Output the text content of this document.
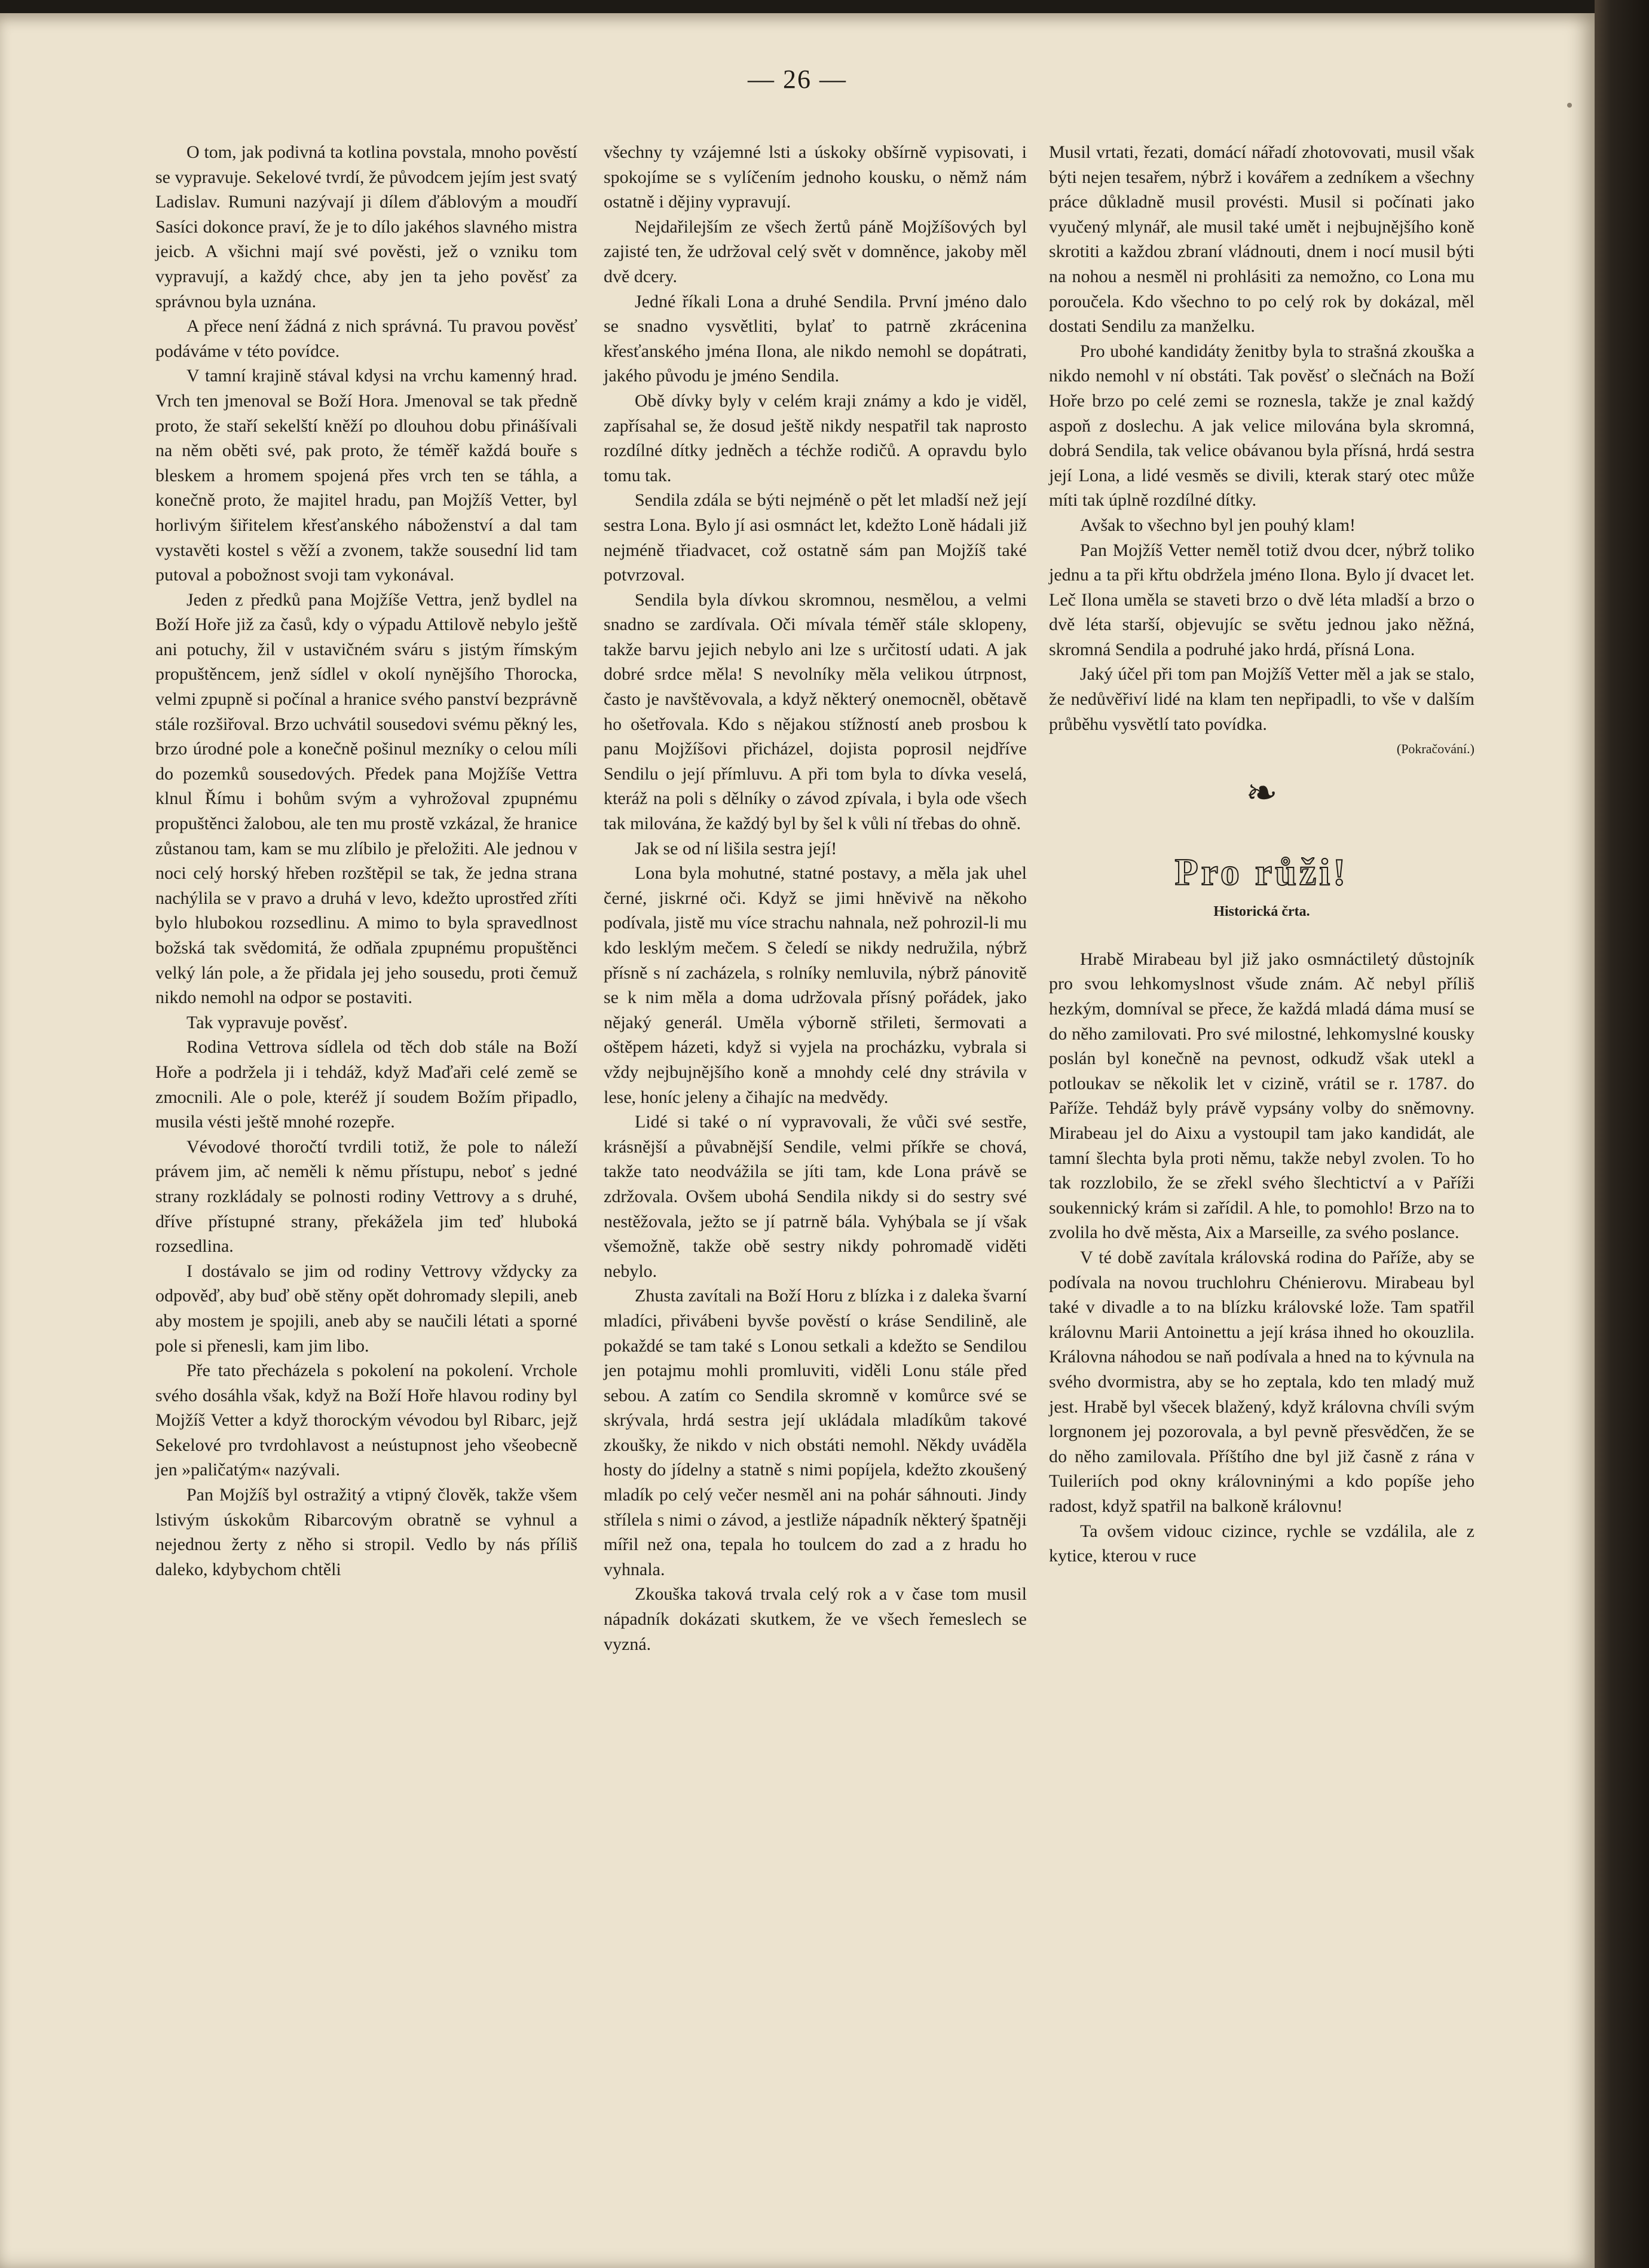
— 26 —

O tom, jak podivná ta kotlina povstala, mnoho pověstí se vypravuje. Sekelové tvrdí, že původcem jejím jest svatý Ladislav. Rumuni nazývají ji dílem ďáblovým a moudří Sasíci dokonce praví, že je to dílo jakéhos slavného mistra jeicb. A všichni mají své pověsti, jež o vzniku tom vypravují, a každý chce, aby jen ta jeho pověsť za správnou byla uznána.

A přece není žádná z nich správná. Tu pravou pověsť podáváme v této povídce.

V tamní krajině stával kdysi na vrchu kamenný hrad. Vrch ten jmenoval se Boží Hora. Jmenoval se tak předně proto, že staří sekelští kněží po dlouhou dobu přinášívali na něm oběti své, pak proto, že téměř každá bouře s bleskem a hromem spojená přes vrch ten se táhla, a konečně proto, že majitel hradu, pan Mojžíš Vetter, byl horlivým šiřitelem křesťanského náboženství a dal tam vystavěti kostel s věží a zvonem, takže sousední lid tam putoval a pobožnost svoji tam vykonával.

Jeden z předků pana Mojžíše Vettra, jenž bydlel na Boží Hoře již za časů, kdy o výpadu Attilově nebylo ještě ani potuchy, žil v ustavičném sváru s jistým římským propuštěncem, jenž sídlel v okolí nynějšího Thorocka, velmi zpupně si počínal a hranice svého panství bezprávně stále rozšiřoval. Brzo uchvátil sousedovi svému pěkný les, brzo úrodné pole a konečně pošinul mezníky o celou míli do pozemků sousedových. Předek pana Mojžíše Vettra klnul Římu i bohům svým a vyhrožoval zpupnému propuštěnci žalobou, ale ten mu prostě vzkázal, že hranice zůstanou tam, kam se mu zlíbilo je přeložiti. Ale jednou v noci celý horský hřeben rozštěpil se tak, že jedna strana nachýlila se v pravo a druhá v levo, kdežto uprostřed zříti bylo hlubokou rozsedlinu. A mimo to byla spravedlnost božská tak svědomitá, že odňala zpupnému propuštěnci velký lán pole, a že přidala jej jeho sousedu, proti čemuž nikdo nemohl na odpor se postaviti.

Tak vypravuje pověsť.

Rodina Vettrova sídlela od těch dob stále na Boží Hoře a podržela ji i tehdáž, když Maďaři celé země se zmocnili. Ale o pole, kteréž jí soudem Božím připadlo, musila vésti ještě mnohé rozepře.

Vévodové thoročtí tvrdili totiž, že pole to náleží právem jim, ač neměli k němu přístupu, neboť s jedné strany rozkládaly se polnosti rodiny Vettrovy a s druhé, dříve přístupné strany, překážela jim teď hluboká rozsedlina.

I dostávalo se jim od rodiny Vettrovy vždycky za odpověď, aby buď obě stěny opět dohromady slepili, aneb aby mostem je spojili, aneb aby se naučili létati a sporné pole si přenesli, kam jim libo.

Pře tato přecházela s pokolení na pokolení. Vrchole svého dosáhla však, když na Boží Hoře hlavou rodiny byl Mojžíš Vetter a když thorockým vévodou byl Ribarc, jejž Sekelové pro tvrdohlavost a neústupnost jeho všeobecně jen »paličatým« nazývali.

Pan Mojžíš byl ostražitý a vtipný člověk, takže všem lstivým úskokům Ribarcovým obratně se vyhnul a nejednou žerty z něho si stropil. Vedlo by nás příliš daleko, kdybychom chtěli

všechny ty vzájemné lsti a úskoky obšírně vypisovati, i spokojíme se s vylíčením jednoho kousku, o němž nám ostatně i dějiny vypravují.

Nejdařilejším ze všech žertů páně Mojžíšových byl zajisté ten, že udržoval celý svět v domněnce, jakoby měl dvě dcery.

Jedné říkali Lona a druhé Sendila. První jméno dalo se snadno vysvětliti, bylať to patrně zkrácenina křesťanského jména Ilona, ale nikdo nemohl se dopátrati, jakého původu je jméno Sendila.

Obě dívky byly v celém kraji známy a kdo je viděl, zapřísahal se, že dosud ještě nikdy nespatřil tak naprosto rozdílné dítky jedněch a téchže rodičů. A opravdu bylo tomu tak.

Sendila zdála se býti nejméně o pět let mladší než její sestra Lona. Bylo jí asi osmnáct let, kdežto Loně hádali již nejméně třiadvacet, což ostatně sám pan Mojžíš také potvrzoval.

Sendila byla dívkou skromnou, nesmělou, a velmi snadno se zardívala. Oči mívala téměř stále sklopeny, takže barvu jejich nebylo ani lze s určitostí udati. A jak dobré srdce měla! S nevolníky měla velikou útrpnost, často je navštěvovala, a když některý onemocněl, obětavě ho ošetřovala. Kdo s nějakou stížností aneb prosbou k panu Mojžíšovi přicházel, dojista poprosil nejdříve Sendilu o její přímluvu. A při tom byla to dívka veselá, kteráž na poli s dělníky o závod zpívala, i byla ode všech tak milována, že každý byl by šel k vůli ní třebas do ohně.

Jak se od ní lišila sestra její!

Lona byla mohutné, statné postavy, a měla jak uhel černé, jiskrné oči. Když se jimi hněvivě na někoho podívala, jistě mu více strachu nahnala, než pohrozil-li mu kdo lesklým mečem. S čeledí se nikdy nedružila, nýbrž přísně s ní zacházela, s rolníky nemluvila, nýbrž pánovitě se k nim měla a doma udržovala přísný pořádek, jako nějaký generál. Uměla výborně střileti, šermovati a oštěpem házeti, když si vyjela na procházku, vybrala si vždy nejbujnějšího koně a mnohdy celé dny strávila v lese, honíc jeleny a čihajíc na medvědy.

Lidé si také o ní vypravovali, že vůči své sestře, krásnější a půvabnější Sendile, velmi příkře se chová, takže tato neodvážila se jíti tam, kde Lona právě se zdržovala. Ovšem ubohá Sendila nikdy si do sestry své nestěžovala, ježto se jí patrně bála. Vyhýbala se jí však všemožně, takže obě sestry nikdy pohromadě viděti nebylo.

Zhusta zavítali na Boží Horu z blízka i z daleka švarní mladíci, přivábeni byvše pověstí o kráse Sendilině, ale pokaždé se tam také s Lonou setkali a kdežto se Sendilou jen potajmu mohli promluviti, viděli Lonu stále před sebou. A zatím co Sendila skromně v komůrce své se skrývala, hrdá sestra její ukládala mladíkům takové zkoušky, že nikdo v nich obstáti nemohl. Někdy uváděla hosty do jídelny a statně s nimi popíjela, kdežto zkoušený mladík po celý večer nesměl ani na pohár sáhnouti. Jindy střílela s nimi o závod, a jestliže nápadník některý špatněji mířil než ona, tepala ho toulcem do zad a z hradu ho vyhnala.

Zkouška taková trvala celý rok a v čase tom musil nápadník dokázati skutkem, že ve všech řemeslech se vyzná.

Musil vrtati, řezati, domácí nářadí zhotovovati, musil však býti nejen tesařem, nýbrž i kovářem a zedníkem a všechny práce důkladně musil provésti. Musil si počínati jako vyučený mlynář, ale musil také umět i nejbujnějšího koně skrotiti a každou zbraní vládnouti, dnem i nocí musil býti na nohou a nesměl ni prohlásiti za nemožno, co Lona mu poroučela. Kdo všechno to po celý rok by dokázal, měl dostati Sendilu za manželku.

Pro ubohé kandidáty ženitby byla to strašná zkouška a nikdo nemohl v ní obstáti. Tak pověsť o slečnách na Boží Hoře brzo po celé zemi se roznesla, takže je znal každý aspoň z doslechu. A jak velice milována byla skromná, dobrá Sendila, tak velice obávanou byla přísná, hrdá sestra její Lona, a lidé vesměs se divili, kterak starý otec může míti tak úplně rozdílné dítky.

Avšak to všechno byl jen pouhý klam!

Pan Mojžíš Vetter neměl totiž dvou dcer, nýbrž toliko jednu a ta při křtu obdržela jméno Ilona. Bylo jí dvacet let. Leč Ilona uměla se staveti brzo o dvě léta mladší a brzo o dvě léta starší, objevujíc se světu jednou jako něžná, skromná Sendila a podruhé jako hrdá, přísná Lona.

Jaký účel při tom pan Mojžíš Vetter měl a jak se stalo, že nedůvěřiví lidé na klam ten nepřipadli, to vše v dalším průběhu vysvětlí tato povídka.

(Pokračování.)
❧
Pro růži!
Historická črta.

Hrabě Mirabeau byl již jako osmnáctiletý důstojník pro svou lehkomyslnost všude znám. Ač nebyl příliš hezkým, domníval se přece, že každá mladá dáma musí se do něho zamilovati. Pro své milostné, lehkomyslné kousky poslán byl konečně na pevnost, odkudž však utekl a potloukav se několik let v cizině, vrátil se r. 1787. do Paříže. Tehdáž byly právě vypsány volby do sněmovny. Mirabeau jel do Aixu a vystoupil tam jako kandidát, ale tamní šlechta byla proti němu, takže nebyl zvolen. To ho tak rozzlobilo, že se zřekl svého šlechtictví a v Paříži soukennický krám si zařídil. A hle, to pomohlo! Brzo na to zvolila ho dvě města, Aix a Marseille, za svého poslance.

V té době zavítala královská rodina do Paříže, aby se podívala na novou truchlohru Chénierovu. Mirabeau byl také v divadle a to na blízku královské lože. Tam spatřil královnu Marii Antoinettu a její krása ihned ho okouzlila. Královna náhodou se naň podívala a hned na to kývnula na svého dvormistra, aby se ho zeptala, kdo ten mladý muž jest. Hrabě byl všecek blažený, když královna chvíli svým lorgnonem jej pozorovala, a byl pevně přesvědčen, že se do něho zamilovala. Příštího dne byl již časně z rána v Tuileriích pod okny královninými a kdo popíše jeho radost, když spatřil na balkoně královnu!

Ta ovšem vidouc cizince, rychle se vzdálila, ale z kytice, kterou v ruce
